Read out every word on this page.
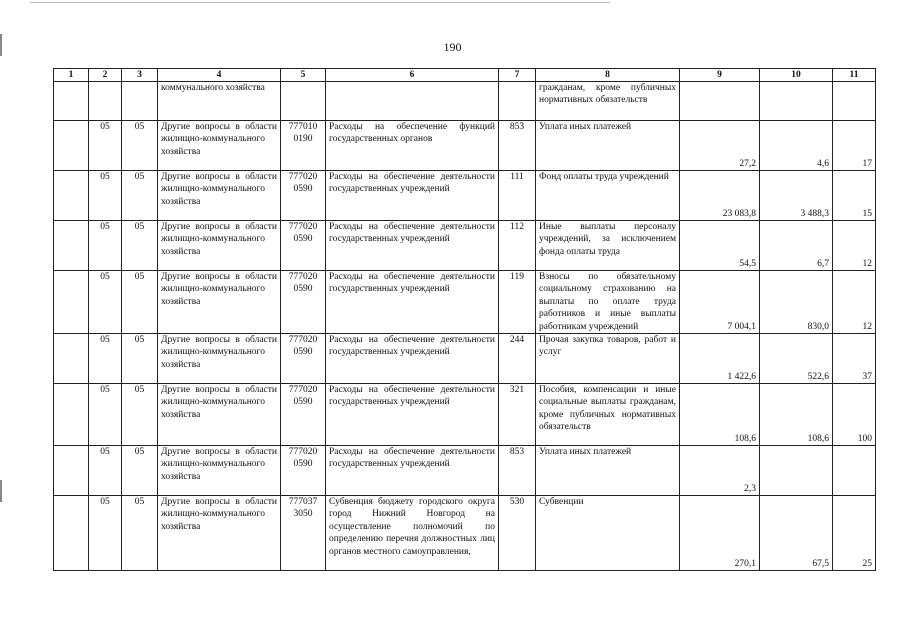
190
1	2	3	4	5	6	7	8	9	10	11
			коммунального хозяйства				гражданам, кроме публичных нормативных обязательств			
	05	05	Другие вопросы в области жилищно-коммунального хозяйства	777010 0190	Расходы на обеспечение функций государственных органов	853	Уплата иных платежей	27,2	4,6	17
	05	05	Другие вопросы в области жилищно-коммунального хозяйства	777020 0590	Расходы на обеспечение деятельности государственных учреждений	111	Фонд оплаты труда учреждений	23 083,8	3 488,3	15
	05	05	Другие вопросы в области жилищно-коммунального хозяйства	777020 0590	Расходы на обеспечение деятельности государственных учреждений	112	Иные выплаты персоналу учреждений, за исключением фонда оплаты труда	54,5	6,7	12
	05	05	Другие вопросы в области жилищно-коммунального хозяйства	777020 0590	Расходы на обеспечение деятельности государственных учреждений	119	Взносы по обязательному социальному страхованию на выплаты по оплате труда работников и иные выплаты работникам учреждений	7 004,1	830,0	12
	05	05	Другие вопросы в области жилищно-коммунального хозяйства	777020 0590	Расходы на обеспечение деятельности государственных учреждений	244	Прочая закупка товаров, работ и услуг	1 422,6	522,6	37
	05	05	Другие вопросы в области жилищно-коммунального хозяйства	777020 0590	Расходы на обеспечение деятельности государственных учреждений	321	Пособия, компенсации и иные социальные выплаты гражданам, кроме публичных нормативных обязательств	108,6	108,6	100
	05	05	Другие вопросы в области жилищно-коммунального хозяйства	777020 0590	Расходы на обеспечение деятельности государственных учреждений	853	Уплата иных платежей	2,3		
	05	05	Другие вопросы в области жилищно-коммунального хозяйства	777037 3050	Субвенция бюджету городского округа город Нижний Новгород на осуществление полномочий по определению перечня должностных лиц органов местного самоуправления,	530	Субвенции	270,1	67,5	25
